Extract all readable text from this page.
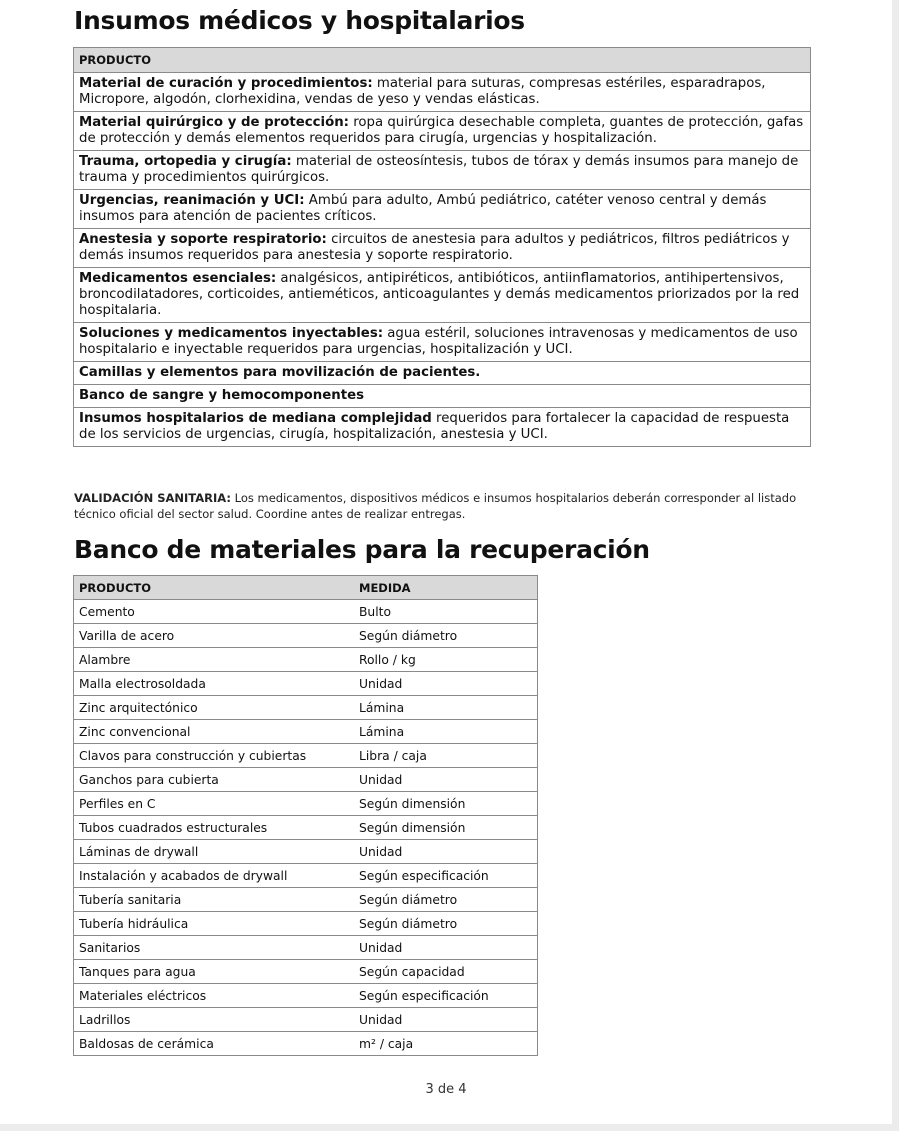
Insumos médicos y hospitalarios
PRODUCTO
Material de curación y procedimientos: material para suturas, compresas estériles, esparadrapos, Micropore, algodón, clorhexidina, vendas de yeso y vendas elásticas.
Material quirúrgico y de protección: ropa quirúrgica desechable completa, guantes de protección, gafas de protección y demás elementos requeridos para cirugía, urgencias y hospitalización.
Trauma, ortopedia y cirugía: material de osteosíntesis, tubos de tórax y demás insumos para manejo de trauma y procedimientos quirúrgicos.
Urgencias, reanimación y UCI: Ambú para adulto, Ambú pediátrico, catéter venoso central y demás insumos para atención de pacientes críticos.
Anestesia y soporte respiratorio: circuitos de anestesia para adultos y pediátricos, filtros pediátricos y demás insumos requeridos para anestesia y soporte respiratorio.
Medicamentos esenciales: analgésicos, antipiréticos, antibióticos, antiinflamatorios, antihipertensivos, broncodilatadores, corticoides, antieméticos, anticoagulantes y demás medicamentos priorizados por la red hospitalaria.
Soluciones y medicamentos inyectables: agua estéril, soluciones intravenosas y medicamentos de uso hospitalario e inyectable requeridos para urgencias, hospitalización y UCI.
Camillas y elementos para movilización de pacientes.
Banco de sangre y hemocomponentes
Insumos hospitalarios de mediana complejidad requeridos para fortalecer la capacidad de respuesta de los servicios de urgencias, cirugía, hospitalización, anestesia y UCI.
VALIDACIÓN SANITARIA: Los medicamentos, dispositivos médicos e insumos hospitalarios deberán corresponder al listado técnico oficial del sector salud. Coordine antes de realizar entregas.
Banco de materiales para la recuperación
PRODUCTO	MEDIDA
Cemento	Bulto
Varilla de acero	Según diámetro
Alambre	Rollo / kg
Malla electrosoldada	Unidad
Zinc arquitectónico	Lámina
Zinc convencional	Lámina
Clavos para construcción y cubiertas	Libra / caja
Ganchos para cubierta	Unidad
Perfiles en C	Según dimensión
Tubos cuadrados estructurales	Según dimensión
Láminas de drywall	Unidad
Instalación y acabados de drywall	Según especificación
Tubería sanitaria	Según diámetro
Tubería hidráulica	Según diámetro
Sanitarios	Unidad
Tanques para agua	Según capacidad
Materiales eléctricos	Según especificación
Ladrillos	Unidad
Baldosas de cerámica	m² / caja
3 de 4
